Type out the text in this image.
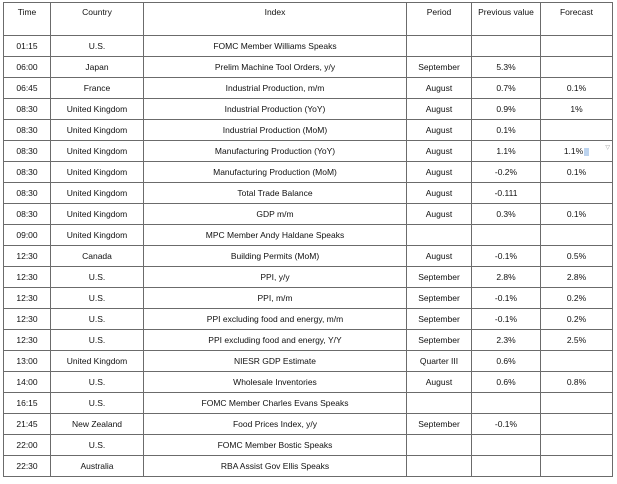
Time	Country	Index	Period	Previous value	Forecast
01:15	U.S.	FOMC Member Williams Speaks			
06:00	Japan	Prelim Machine Tool Orders, y/y	September	5.3%	
06:45	France	Industrial Production, m/m	August	0.7%	0.1%
08:30	United Kingdom	Industrial Production (YoY)	August	0.9%	1%
08:30	United Kingdom	Industrial Production (MoM)	August	0.1%	
08:30	United Kingdom	Manufacturing Production (YoY)	August	1.1%	1.1% ▽

08:30	United Kingdom	Manufacturing Production (MoM)	August	-0.2%	0.1%
08:30	United Kingdom	Total Trade Balance	August	-0.111	
08:30	United Kingdom	GDP m/m	August	0.3%	0.1%
09:00	United Kingdom	MPC Member Andy Haldane Speaks			
12:30	Canada	Building Permits (MoM)	August	-0.1%	0.5%
12:30	U.S.	PPI, y/y	September	2.8%	2.8%
12:30	U.S.	PPI, m/m	September	-0.1%	0.2%
12:30	U.S.	PPI excluding food and energy, m/m	September	-0.1%	0.2%
12:30	U.S.	PPI excluding food and energy, Y/Y	September	2.3%	2.5%
13:00	United Kingdom	NIESR GDP Estimate	Quarter III	0.6%	
14:00	U.S.	Wholesale Inventories	August	0.6%	0.8%
16:15	U.S.	FOMC Member Charles Evans Speaks			
21:45	New Zealand	Food Prices Index, y/y	September	-0.1%	
22:00	U.S.	FOMC Member Bostic Speaks			
22:30	Australia	RBA Assist Gov Ellis Speaks			
